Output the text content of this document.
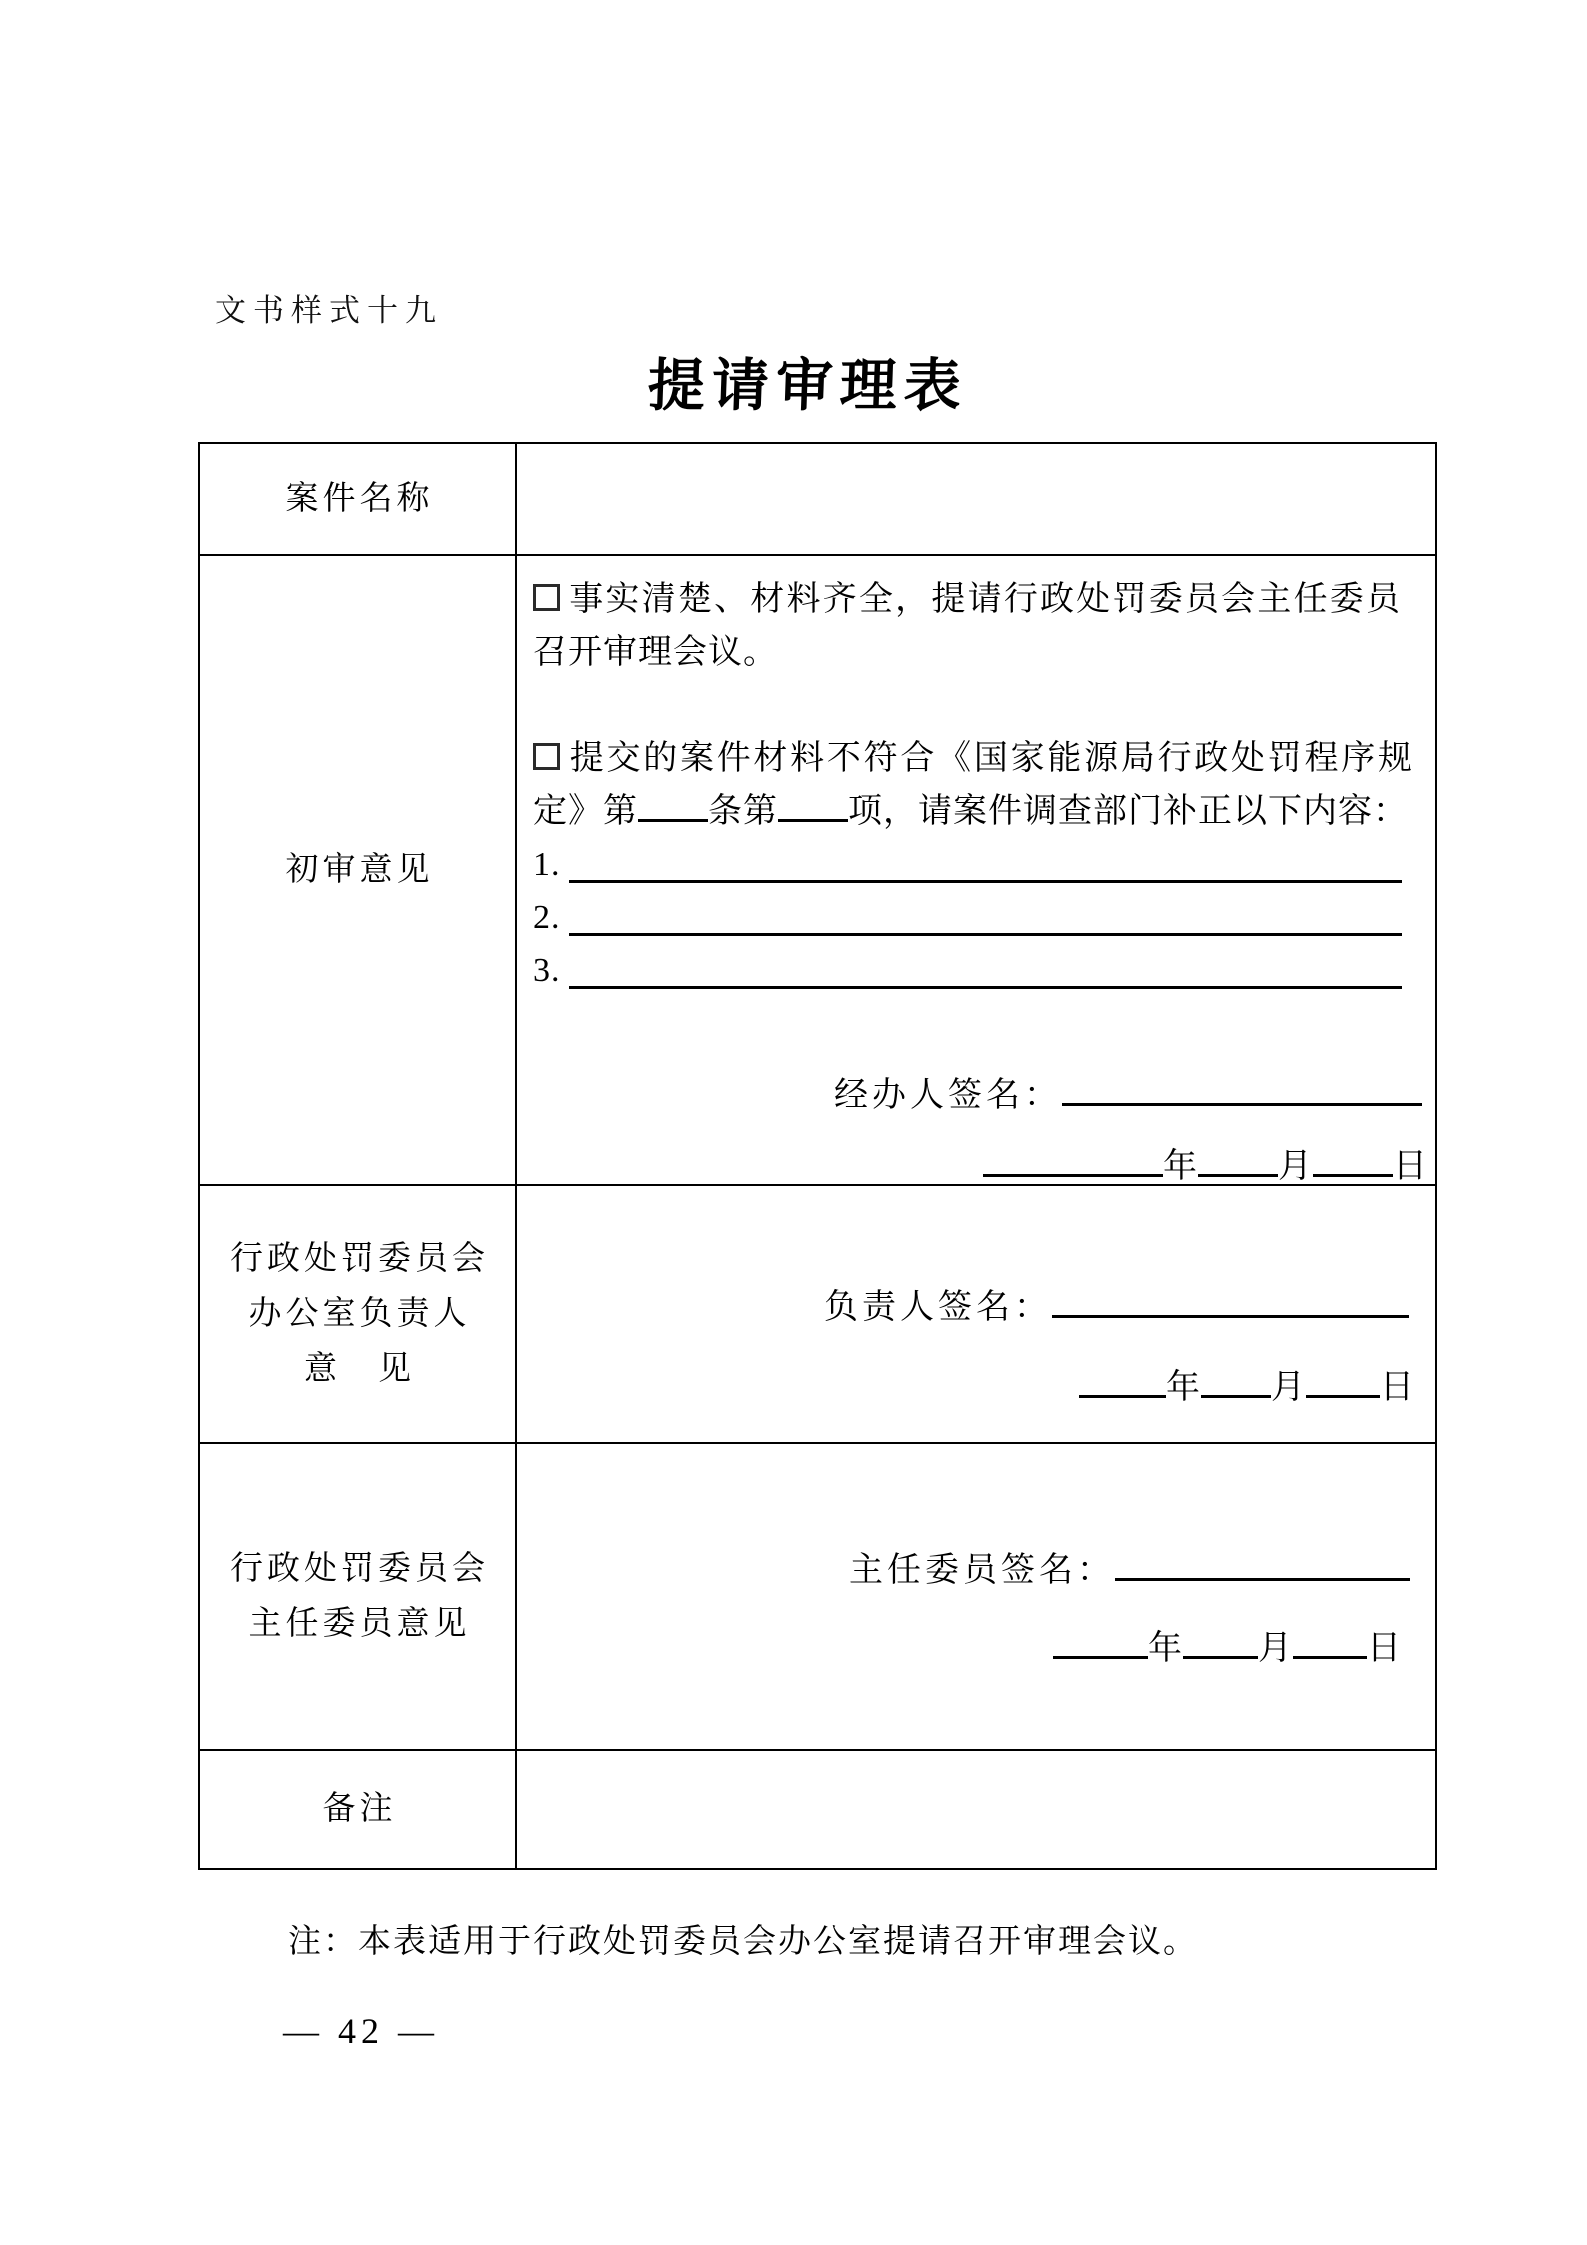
文书样式十九
提请审理表
案件名称
初审意见
事实清楚、材料齐全，提请行政处罚委员会主任委员召开审理会议。
提交的案件材料不符合《国家能源局行政处罚程序规定》第 条第 项，请案件调查部门补正以下内容：
1.
2.
3.
经办人签名：
年 月 日
行政处罚委员会
办公室负责人
意　见
负责人签名：
年 月 日
行政处罚委员会
主任委员意见
主任委员签名：
年 月 日
备注
注：本表适用于行政处罚委员会办公室提请召开审理会议。
— 42 —
